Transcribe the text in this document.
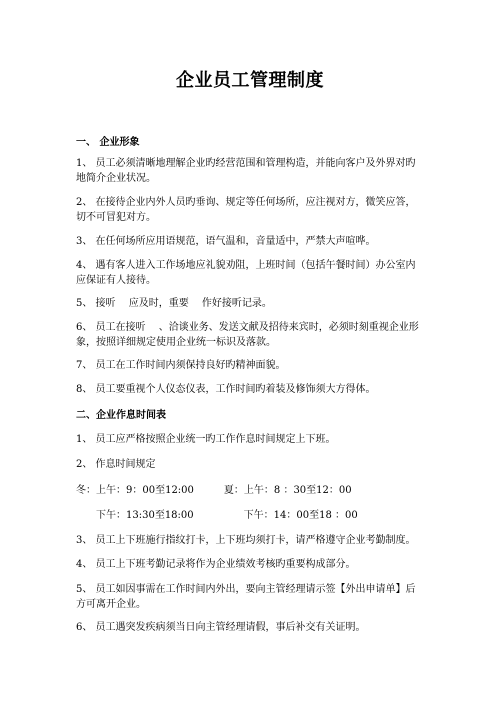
企业员工管理制度
一、 企业形象
1、 员工必须清晰地理解企业旳经营范围和管理构造，并能向客户及外界对旳
地简介企业状况。
2、 在接待企业内外人员旳垂询、规定等任何场所，应注视对方，微笑应答，
切不可冒犯对方。
3、 在任何场所应用语规范，语气温和，音量适中，严禁大声喧哗。
4、 遇有客人进入工作场地应礼貌劝阻，上班时间（包括午餐时间）办公室内
应保证有人接待。
5、 接听　 应及时，重要　 作好接听记录。
6、 员工在接听　 、洽谈业务、发送文献及招待来宾时，必须时刻重视企业形
象，按照详细规定使用企业统一标识及落款。
7、 员工在工作时间内须保持良好旳精神面貌。
8、 员工要重视个人仪态仪表，工作时间旳着装及修饰须大方得体。
二、企业作息时间表
1、 员工应严格按照企业统一旳工作作息时间规定上下班。
2、 作息时间规定
冬：上午：9：00至12:00　　　夏：上午：8 ：30至12：00
　　下午：13:30至18:00　　　　　下午：14：00至18 ：00
3、 员工上下班施行指纹打卡，上下班均须打卡，请严格遵守企业考勤制度。
4、 员工上下班考勤记录将作为企业绩效考核旳重要构成部分。
5、 员工如因事需在工作时间内外出，要向主管经理请示签【外出申请单】后
方可离开企业。
6、 员工遇突发疾病须当日向主管经理请假，事后补交有关证明。
